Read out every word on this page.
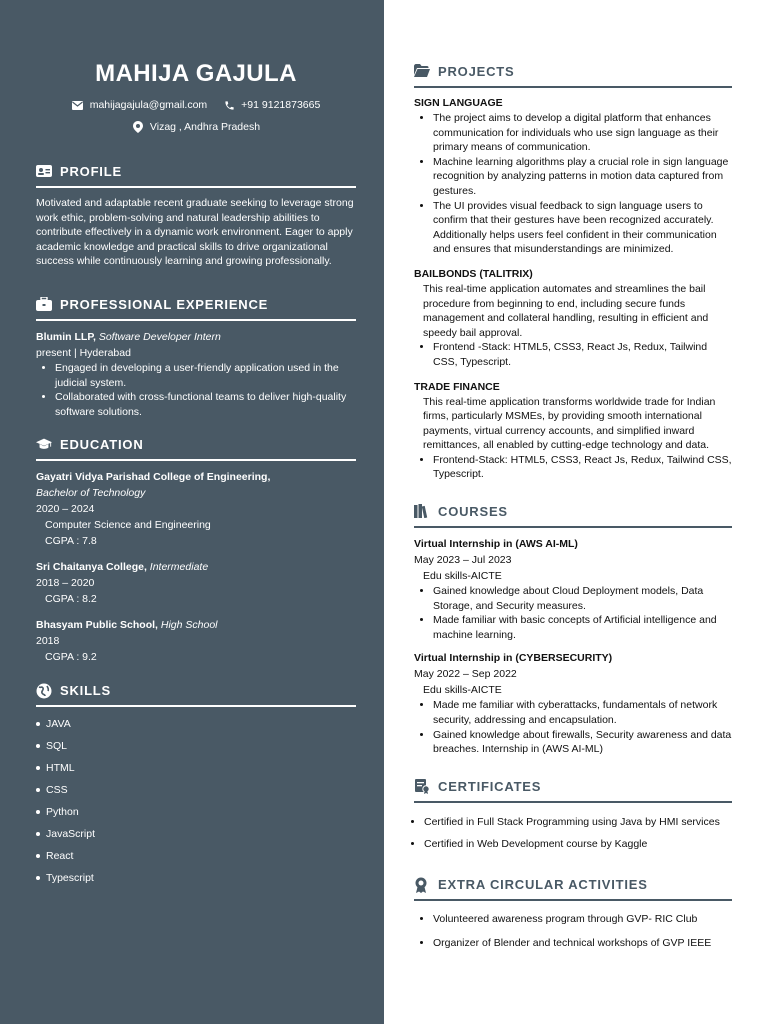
MAHIJA GAJULA
mahijagajula@gmail.com	+91 9121873665
Vizag , Andhra Pradesh
PROFILE
Motivated and adaptable recent graduate seeking to leverage strong work ethic, problem-solving and natural leadership abilities to contribute effectively in a dynamic work environment. Eager to apply academic knowledge and practical skills to drive organizational success while continuously learning and growing professionally.
PROFESSIONAL EXPERIENCE
Blumin LLP, Software Developer Intern
present | Hyderabad
• Engaged in developing a user-friendly application used in the judicial system.
• Collaborated with cross-functional teams to deliver high-quality software solutions.
EDUCATION
Gayatri Vidya Parishad College of Engineering,
Bachelor of Technology
2020 – 2024
Computer Science and Engineering
CGPA : 7.8
Sri Chaitanya College, Intermediate
2018 – 2020
CGPA : 8.2
Bhasyam Public School, High School
2018
CGPA : 9.2
SKILLS
JAVA
SQL
HTML
CSS
Python
JavaScript
React
Typescript
PROJECTS
SIGN LANGUAGE
• The project aims to develop a digital platform that enhances communication for individuals who use sign language as their primary means of communication.
• Machine learning algorithms play a crucial role in sign language recognition by analyzing patterns in motion data captured from gestures.
• The UI provides visual feedback to sign language users to confirm that their gestures have been recognized accurately. Additionally helps users feel confident in their communication and ensures that misunderstandings are minimized.
BAILBONDS (TALITRIX)
This real-time application automates and streamlines the bail procedure from beginning to end, including secure funds management and collateral handling, resulting in efficient and speedy bail approval.
• Frontend -Stack: HTML5, CSS3, React Js, Redux, Tailwind CSS, Typescript.
TRADE FINANCE
This real-time application transforms worldwide trade for Indian firms, particularly MSMEs, by providing smooth international payments, virtual currency accounts, and simplified inward remittances, all enabled by cutting-edge technology and data.
• Frontend-Stack: HTML5, CSS3, React Js, Redux, Tailwind CSS, Typescript.
COURSES
Virtual Internship in (AWS AI-ML)
May 2023 – Jul 2023
Edu skills-AICTE
• Gained knowledge about Cloud Deployment models, Data Storage, and Security measures.
• Made familiar with basic concepts of Artificial intelligence and machine learning.
Virtual Internship in (CYBERSECURITY)
May 2022 – Sep 2022
Edu skills-AICTE
• Made me familiar with cyberattacks, fundamentals of network security, addressing and encapsulation.
• Gained knowledge about firewalls, Security awareness and data breaches. Internship in (AWS AI-ML)
CERTIFICATES
• Certified in Full Stack Programming using Java by HMI services
• Certified in Web Development course by Kaggle
EXTRA CIRCULAR ACTIVITIES
• Volunteered awareness program through GVP- RIC Club
• Organizer of Blender and technical workshops of GVP IEEE
